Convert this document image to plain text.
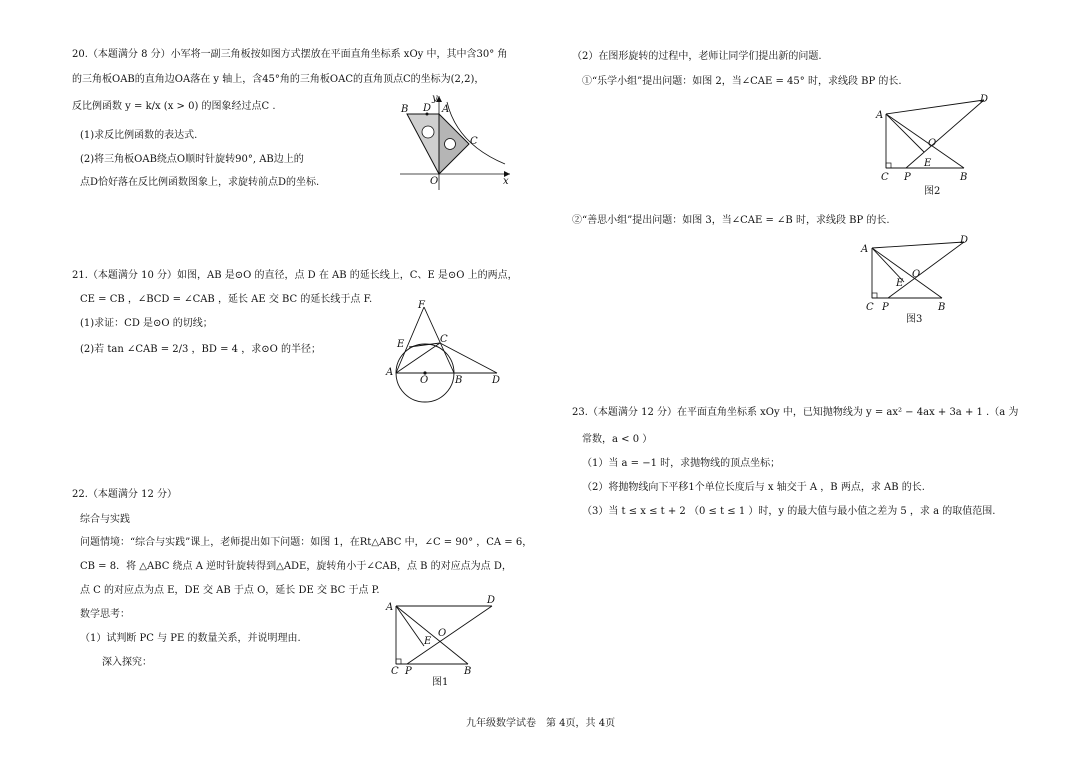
20.（本题满分 8 分）小军将一副三角板按如图方式摆放在平面直角坐标系 xOy 中，其中含30° 角
的三角板OAB的直角边OA落在 y 轴上，含45°角的三角板OAC的直角顶点C的坐标为(2,2)，
反比例函数 y = k/x (x > 0) 的图象经过点C .
(1)求反比例函数的表达式.
(2)将三角板OAB绕点O顺时针旋转90°, AB边上的
点D恰好落在反比例函数图象上，求旋转前点D的坐标.
B D A
C
O	x
y
21.（本题满分 10 分）如图，AB 是⊙O 的直径，点 D 在 AB 的延长线上，C、E 是⊙O 上的两点，
CE = CB ，∠BCD = ∠CAB ，延长 AE 交 BC 的延长线于点 F.
(1)求证：CD 是⊙O 的切线；
(2)若 tan ∠CAB = 2/3 ，BD = 4 ，求⊙O 的半径；
F
E	C
A
O	B	D
22.（本题满分 12 分）
综合与实践
问题情境：“综合与实践”课上，老师提出如下问题：如图 1，在Rt△ABC 中，∠C = 90° ，CA = 6，
CB = 8．将 △ABC 绕点 A 逆时针旋转得到△ADE，旋转角小于∠CAB，点 B 的对应点为点 D，
点 C 的对应点为点 E，DE 交 AB 于点 O，延长 DE 交 BC 于点 P.
数学思考：
（1）试判断 PC 与 PE 的数量关系，并说明理由.
深入探究：
A
D
O
E
C P	B
图1
（2）在图形旋转的过程中，老师让同学们提出新的问题.
①“乐学小组”提出问题：如图 2，当∠CAE = 45° 时，求线段 BP 的长.
A
D
O
E
C P	B
图2
②“善思小组”提出问题：如图 3，当∠CAE = ∠B 时，求线段 BP 的长.
A
D
O
E
C P	B
图3
23.（本题满分 12 分）在平面直角坐标系 xOy 中，已知抛物线为 y = ax² − 4ax + 3a + 1 .（a 为
常数，a < 0 ）
（1）当 a = −1 时，求抛物线的顶点坐标；
（2）将抛物线向下平移1个单位长度后与 x 轴交于 A ，B 两点，求 AB 的长.
（3）当 t ≤ x ≤ t + 2 （0 ≤ t ≤ 1 ）时，y 的最大值与最小值之差为 5 ，求 a 的取值范围.
九年级数学试卷　第 4页，共 4页
